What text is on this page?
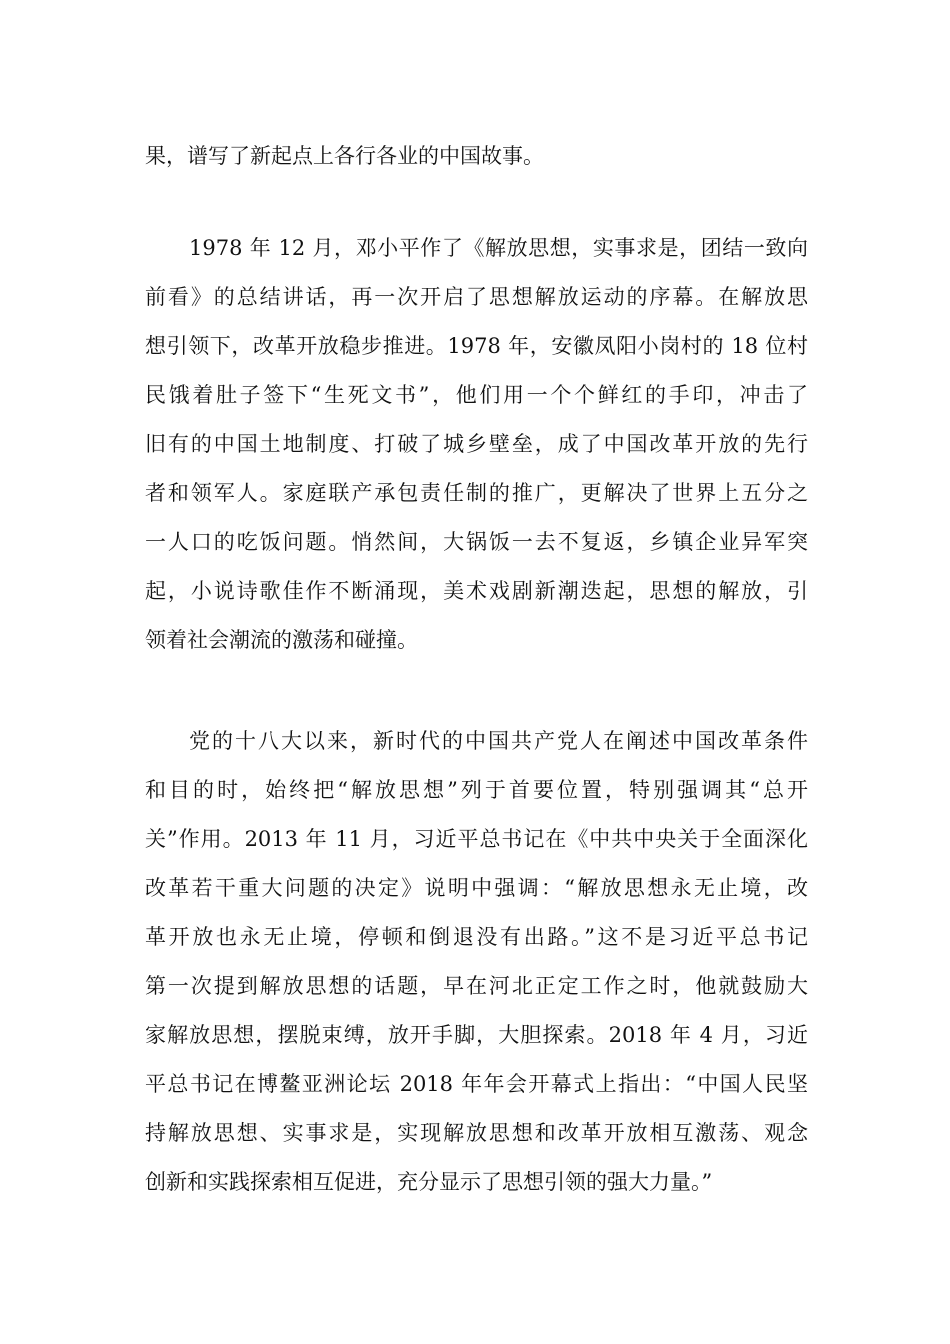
果，谱写了新起点上各行各业的中国故事。
1978 年 12 月，邓小平作了《解放思想，实事求是，团结一致向
前看》的总结讲话，再一次开启了思想解放运动的序幕。在解放思
想引领下，改革开放稳步推进。1978 年，安徽凤阳小岗村的 18 位村
民饿着肚子签下“生死文书”，他们用一个个鲜红的手印，冲击了
旧有的中国土地制度、打破了城乡壁垒，成了中国改革开放的先行
者和领军人。家庭联产承包责任制的推广，更解决了世界上五分之
一人口的吃饭问题。悄然间，大锅饭一去不复返，乡镇企业异军突
起，小说诗歌佳作不断涌现，美术戏剧新潮迭起，思想的解放，引
领着社会潮流的激荡和碰撞。
党的十八大以来，新时代的中国共产党人在阐述中国改革条件
和目的时，始终把“解放思想”列于首要位置，特别强调其“总开
关”作用。2013 年 11 月，习近平总书记在《中共中央关于全面深化
改革若干重大问题的决定》说明中强调：“解放思想永无止境，改
革开放也永无止境，停顿和倒退没有出路。”这不是习近平总书记
第一次提到解放思想的话题，早在河北正定工作之时，他就鼓励大
家解放思想，摆脱束缚，放开手脚，大胆探索。2018 年 4 月，习近
平总书记在博鳌亚洲论坛 2018 年年会开幕式上指出：“中国人民坚
持解放思想、实事求是，实现解放思想和改革开放相互激荡、观念
创新和实践探索相互促进，充分显示了思想引领的强大力量。”
